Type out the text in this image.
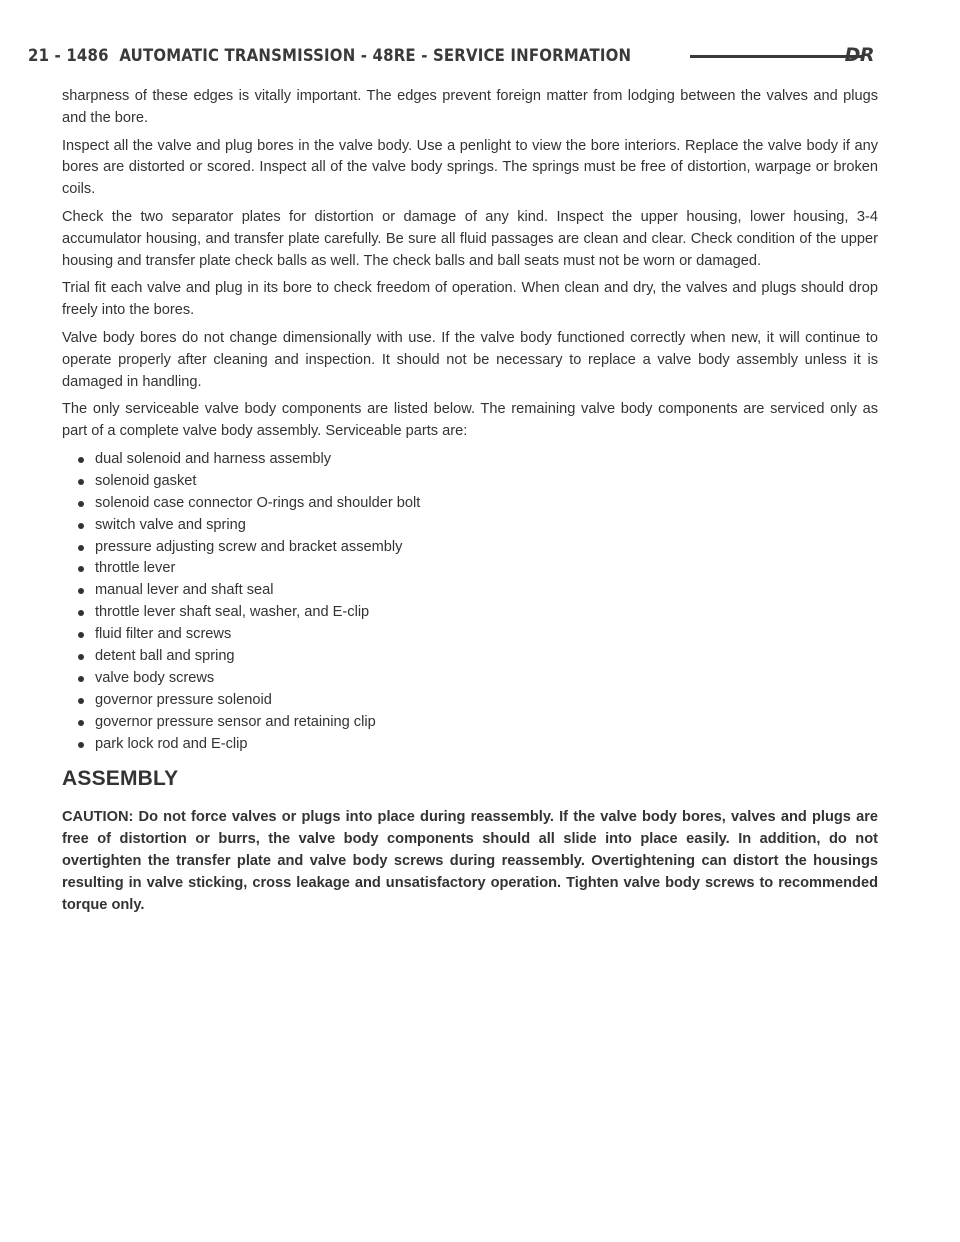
21 - 1486 AUTOMATIC TRANSMISSION - 48RE - SERVICE INFORMATION	DR

sharpness of these edges is vitally important. The edges prevent foreign matter from lodging between the valves and plugs and the bore.

Inspect all the valve and plug bores in the valve body. Use a penlight to view the bore interiors. Replace the valve body if any bores are distorted or scored. Inspect all of the valve body springs. The springs must be free of distortion, warpage or broken coils.

Check the two separator plates for distortion or damage of any kind. Inspect the upper housing, lower housing, 3-4 accumulator housing, and transfer plate carefully. Be sure all fluid passages are clean and clear. Check condition of the upper housing and transfer plate check balls as well. The check balls and ball seats must not be worn or damaged.

Trial fit each valve and plug in its bore to check freedom of operation. When clean and dry, the valves and plugs should drop freely into the bores.

Valve body bores do not change dimensionally with use. If the valve body functioned correctly when new, it will continue to operate properly after cleaning and inspection. It should not be necessary to replace a valve body assembly unless it is damaged in handling.

The only serviceable valve body components are listed below. The remaining valve body components are serviced only as part of a complete valve body assembly. Serviceable parts are:

dual solenoid and harness assembly
solenoid gasket
solenoid case connector O-rings and shoulder bolt
switch valve and spring
pressure adjusting screw and bracket assembly
throttle lever
manual lever and shaft seal
throttle lever shaft seal, washer, and E-clip
fluid filter and screws
detent ball and spring
valve body screws
governor pressure solenoid
governor pressure sensor and retaining clip
park lock rod and E-clip
ASSEMBLY

CAUTION: Do not force valves or plugs into place during reassembly. If the valve body bores, valves and plugs are free of distortion or burrs, the valve body components should all slide into place easily. In addition, do not overtighten the transfer plate and valve body screws during reassembly. Overtightening can distort the housings resulting in valve sticking, cross leakage and unsatisfactory operation. Tighten valve body screws to recommended torque only.
